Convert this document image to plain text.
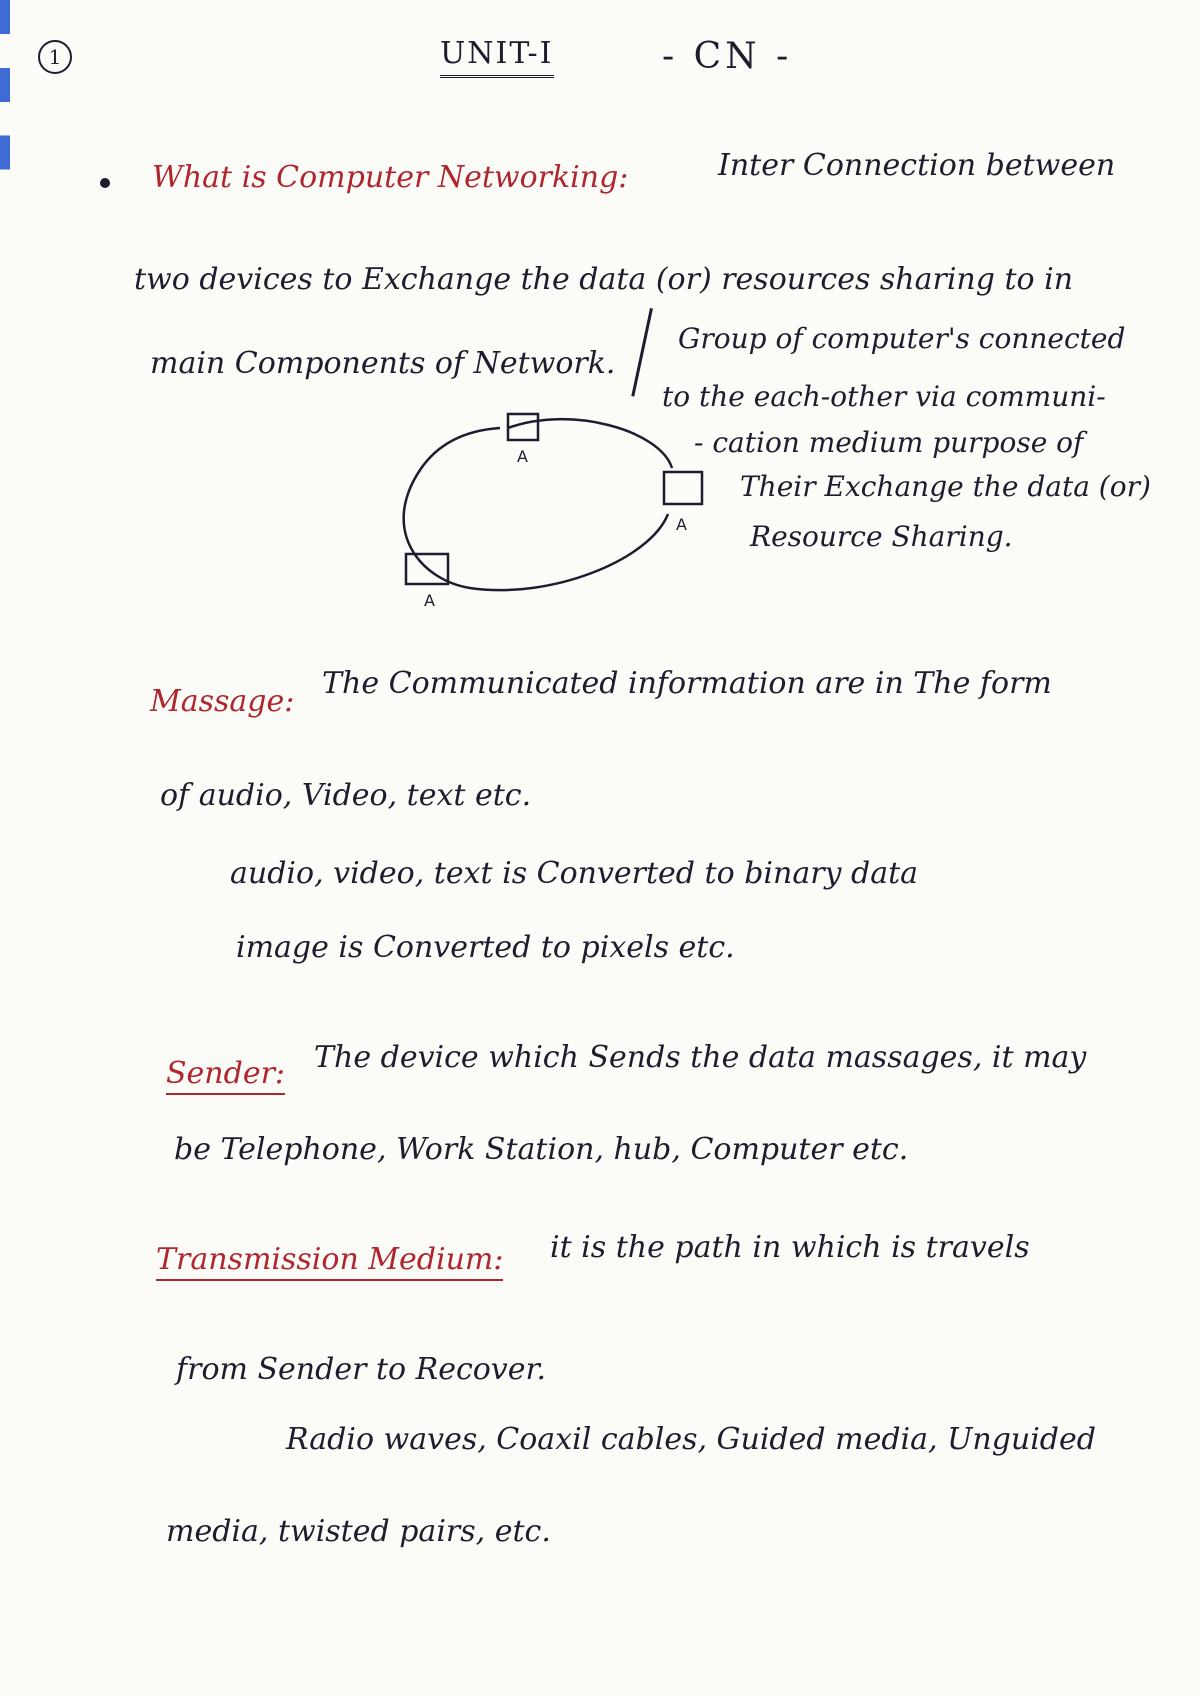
1	UNIT-I	- CN -
What is Computer Networking:	Inter Connection between
two devices to Exchange the data (or) resources sharing to in
main Components of Network.
Group of computer's connected
to the each-other via communi-
- cation medium purpose of
Their Exchange the data (or)
Resource Sharing.
A
A
A
Massage:
The Communicated information are in The form
of audio, Video, text etc.
audio, video, text is Converted to binary data
image is Converted to pixels etc.
Sender: The device which Sends the data massages, it may
be Telephone, Work Station, hub, Computer etc.
Transmission Medium: it is the path in which is travels
from Sender to Recover.
Radio waves, Coaxil cables, Guided media, Unguided
media, twisted pairs, etc.
